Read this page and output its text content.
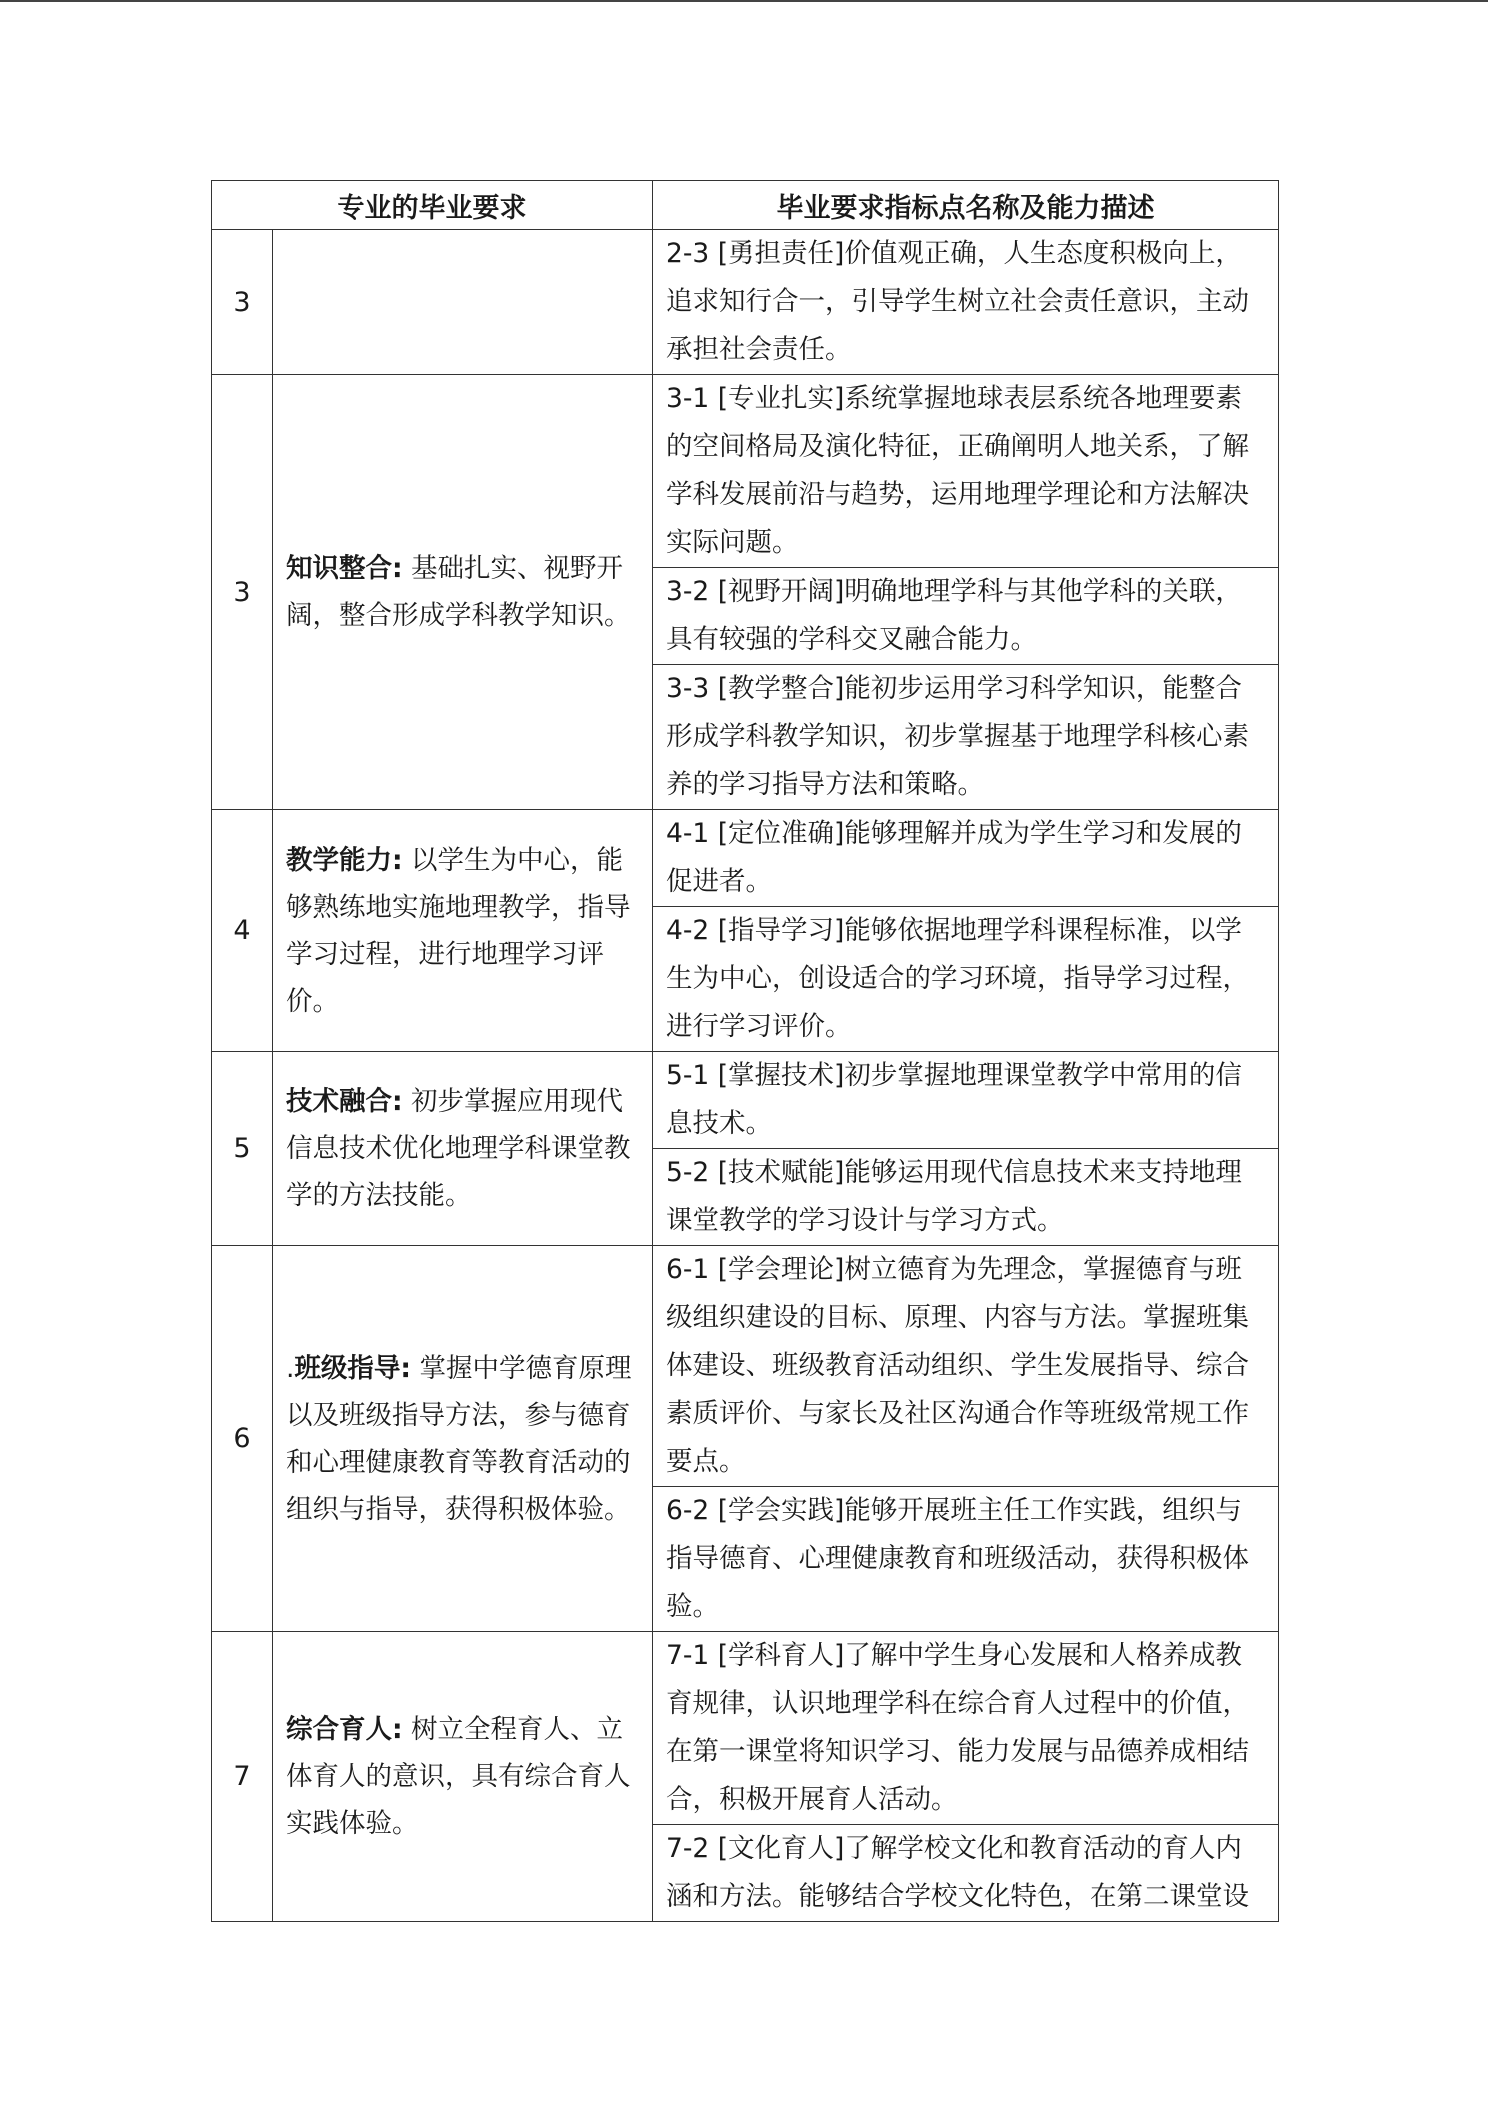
专业的毕业要求		毕业要求指标点名称及能力描述
3		2-3 [勇担责任]价值观正确，人生态度积极向上，追求知行合一，引导学生树立社会责任意识，主动承担社会责任。
3	知识整合: 基础扎实、视野开阔，整合形成学科教学知识。	3-1 [专业扎实]系统掌握地球表层系统各地理要素的空间格局及演化特征，正确阐明人地关系，了解学科发展前沿与趋势，运用地理学理论和方法解决实际问题。
		3-2 [视野开阔]明确地理学科与其他学科的关联，具有较强的学科交叉融合能力。
		3-3 [教学整合]能初步运用学习科学知识，能整合形成学科教学知识，初步掌握基于地理学科核心素养的学习指导方法和策略。
4	教学能力: 以学生为中心，能够熟练地实施地理教学，指导学习过程，进行地理学习评价。	4-1 [定位准确]能够理解并成为学生学习和发展的促进者。
		4-2 [指导学习]能够依据地理学科课程标准，以学生为中心，创设适合的学习环境，指导学习过程，进行学习评价。
5	技术融合: 初步掌握应用现代信息技术优化地理学科课堂教学的方法技能。	5-1 [掌握技术]初步掌握地理课堂教学中常用的信息技术。
		5-2 [技术赋能]能够运用现代信息技术来支持地理课堂教学的学习设计与学习方式。
6	.班级指导: 掌握中学德育原理以及班级指导方法，参与德育和心理健康教育等教育活动的组织与指导，获得积极体验。	6-1 [学会理论]树立德育为先理念，掌握德育与班级组织建设的目标、原理、内容与方法。掌握班集体建设、班级教育活动组织、学生发展指导、综合素质评价、与家长及社区沟通合作等班级常规工作要点。
		6-2 [学会实践]能够开展班主任工作实践，组织与指导德育、心理健康教育和班级活动，获得积极体验。
7	综合育人: 树立全程育人、立体育人的意识，具有综合育人实践体验。	7-1 [学科育人]了解中学生身心发展和人格养成教育规律，认识地理学科在综合育人过程中的价值，在第一课堂将知识学习、能力发展与品德养成相结合，积极开展育人活动。
		7-2 [文化育人]了解学校文化和教育活动的育人内涵和方法。能够结合学校文化特色，在第二课堂设
